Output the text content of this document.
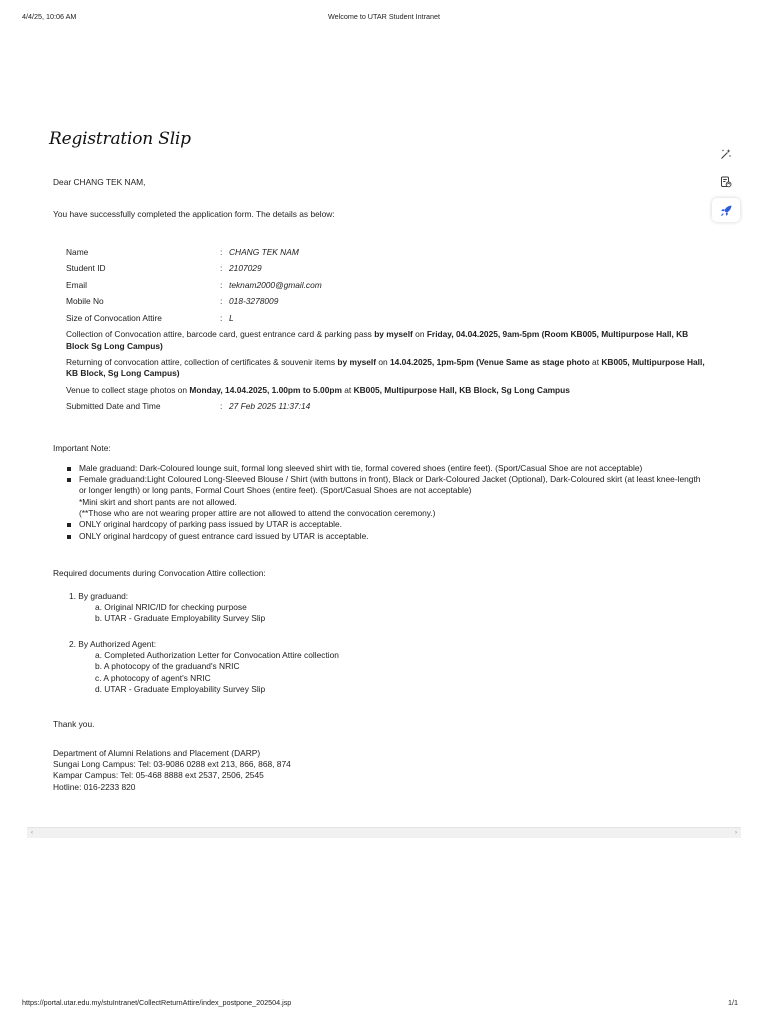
4/4/25, 10:06 AM	Welcome to UTAR Student Intranet
Registration Slip

Dear CHANG TEK NAM,

You have successfully completed the application form. The details as below:

Name	: CHANG TEK NAM
Student ID	: 2107029
Email	: teknam2000@gmail.com
Mobile No	: 018-3278009
Size of Convocation Attire	: L

Collection of Convocation attire, barcode card, guest entrance card & parking pass by myself on Friday, 04.04.2025, 9am-5pm (Room KB005, Multipurpose Hall, KB Block Sg Long Campus)

Returning of convocation attire, collection of certificates & souvenir items by myself on 14.04.2025, 1pm-5pm (Venue Same as stage photo at KB005, Multipurpose Hall, KB Block, Sg Long Campus)

Venue to collect stage photos on Monday, 14.04.2025, 1.00pm to 5.00pm at KB005, Multipurpose Hall, KB Block, Sg Long Campus

Submitted Date and Time	: 27 Feb 2025 11:37:14

Important Note:

Male graduand: Dark-Coloured lounge suit, formal long sleeved shirt with tie, formal covered shoes (entire feet). (Sport/Casual Shoe are not acceptable)
Female graduand:Light Coloured Long-Sleeved Blouse / Shirt (with buttons in front), Black or Dark-Coloured Jacket (Optional), Dark-Coloured skirt (at least knee-length or longer length) or long pants, Formal Court Shoes (entire feet). (Sport/Casual Shoes are not acceptable)
*Mini skirt and short pants are not allowed.
(**Those who are not wearing proper attire are not allowed to attend the convocation ceremony.)
ONLY original hardcopy of parking pass issued by UTAR is acceptable.
ONLY original hardcopy of guest entrance card issued by UTAR is acceptable.

Required documents during Convocation Attire collection:

1. By graduand:
a. Original NRIC/ID for checking purpose
b. UTAR - Graduate Employability Survey Slip
2. By Authorized Agent:
a. Completed Authorization Letter for Convocation Attire collection
b. A photocopy of the graduand's NRIC
c. A photocopy of agent's NRIC
d. UTAR - Graduate Employability Survey Slip

Thank you.

Department of Alumni Relations and Placement (DARP)
Sungai Long Campus: Tel: 03-9086 0288 ext 213, 866, 868, 874
Kampar Campus: Tel: 05-468 8888 ext 2537, 2506, 2545
Hotline: 016-2233 820

‹	›
https://portal.utar.edu.my/stuIntranet/CollectReturnAttire/index_postpone_202504.jsp	1/1
